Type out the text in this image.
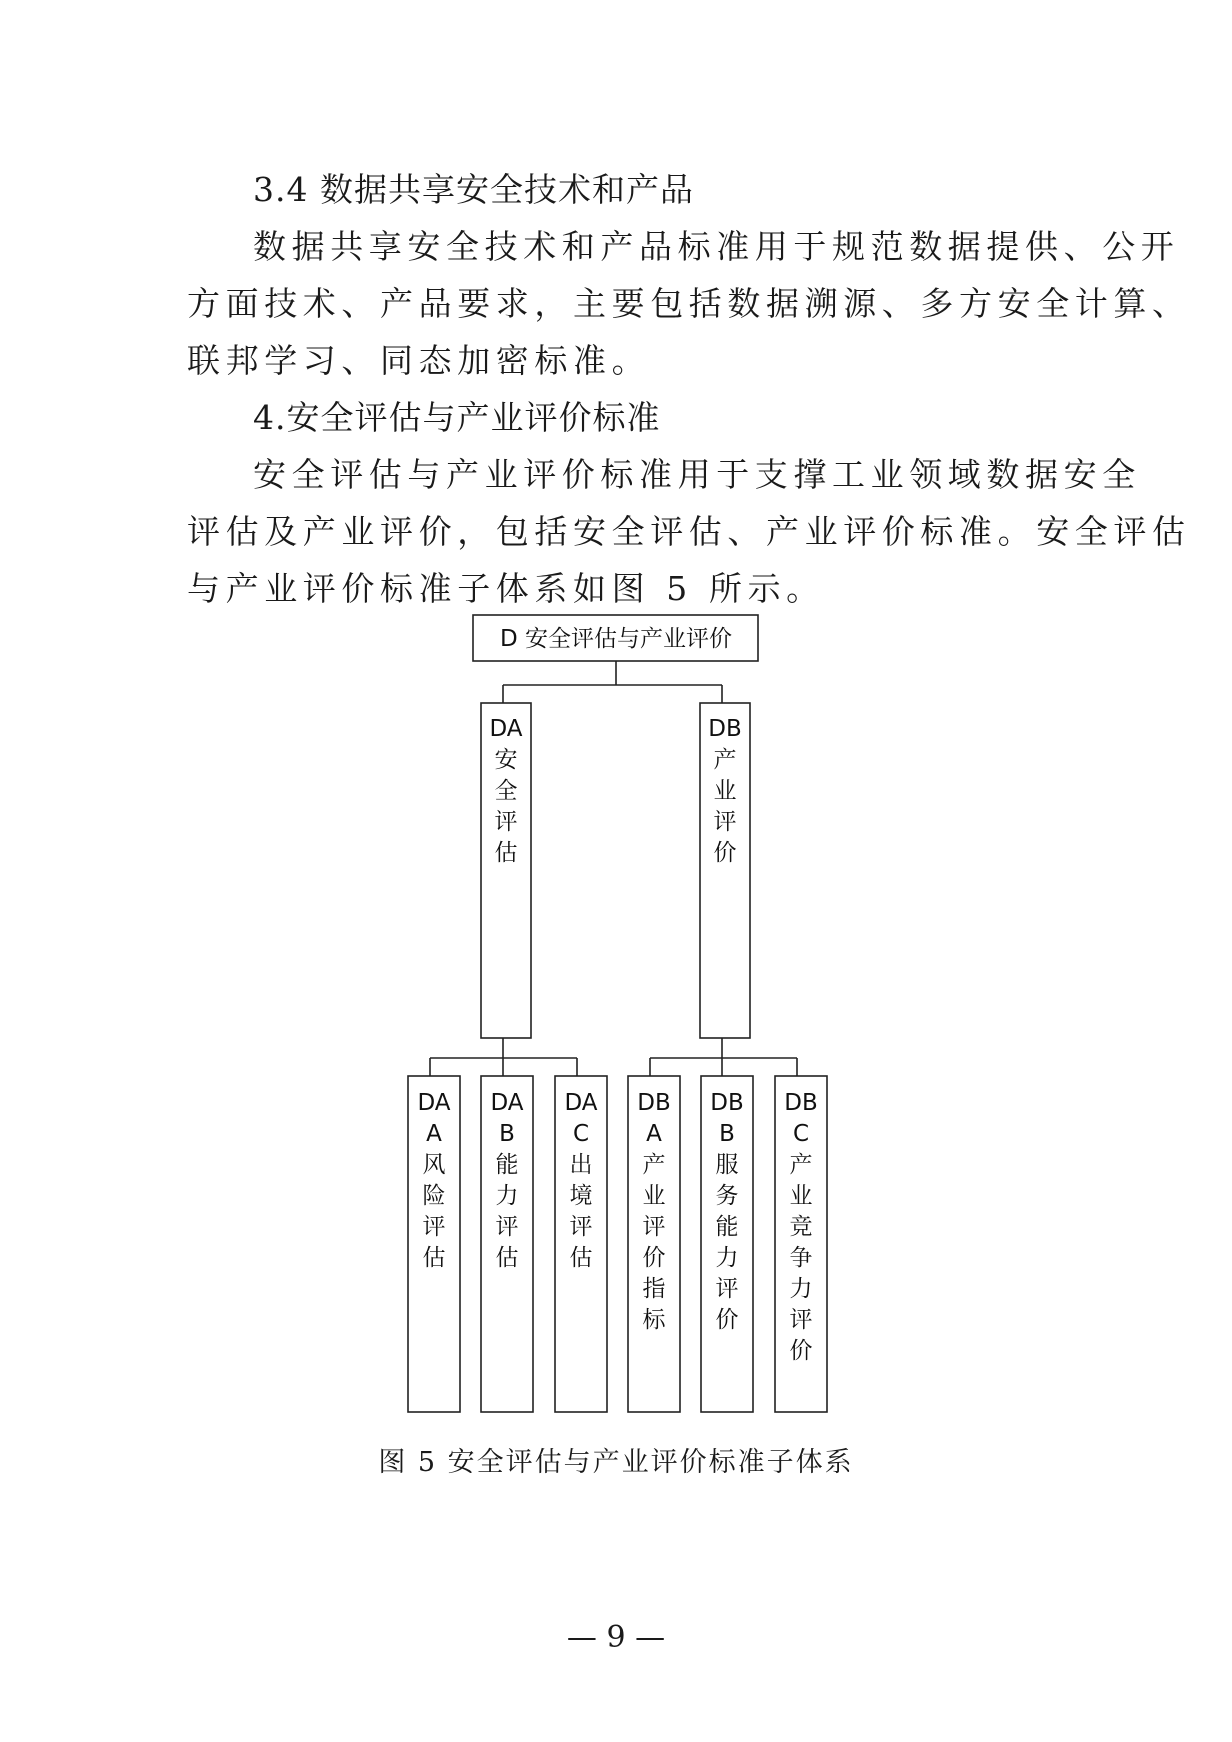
3.4 数据共享安全技术和产品
数据共享安全技术和产品标准用于规范数据提供、公开
方面技术、产品要求，主要包括数据溯源、多方安全计算、
联邦学习、同态加密标准。
4.安全评估与产业评价标准
安全评估与产业评价标准用于支撑工业领域数据安全
评估及产业评价，包括安全评估、产业评价标准。安全评估
与产业评价标准子体系如图 5 所示。
D 安全评估与产业评价
DA
安
全
评
估
DB
产
业
评
价
DA
A
风
险
评
估
DA
B
能
力
评
估
DA
C
出
境
评
估
DB
A
产
业
评
价
指
标
DB
B
服
务
能
力
评
价
DB
C
产
业
竞
争
力
评
价
图 5 安全评估与产业评价标准子体系
— 9 —
